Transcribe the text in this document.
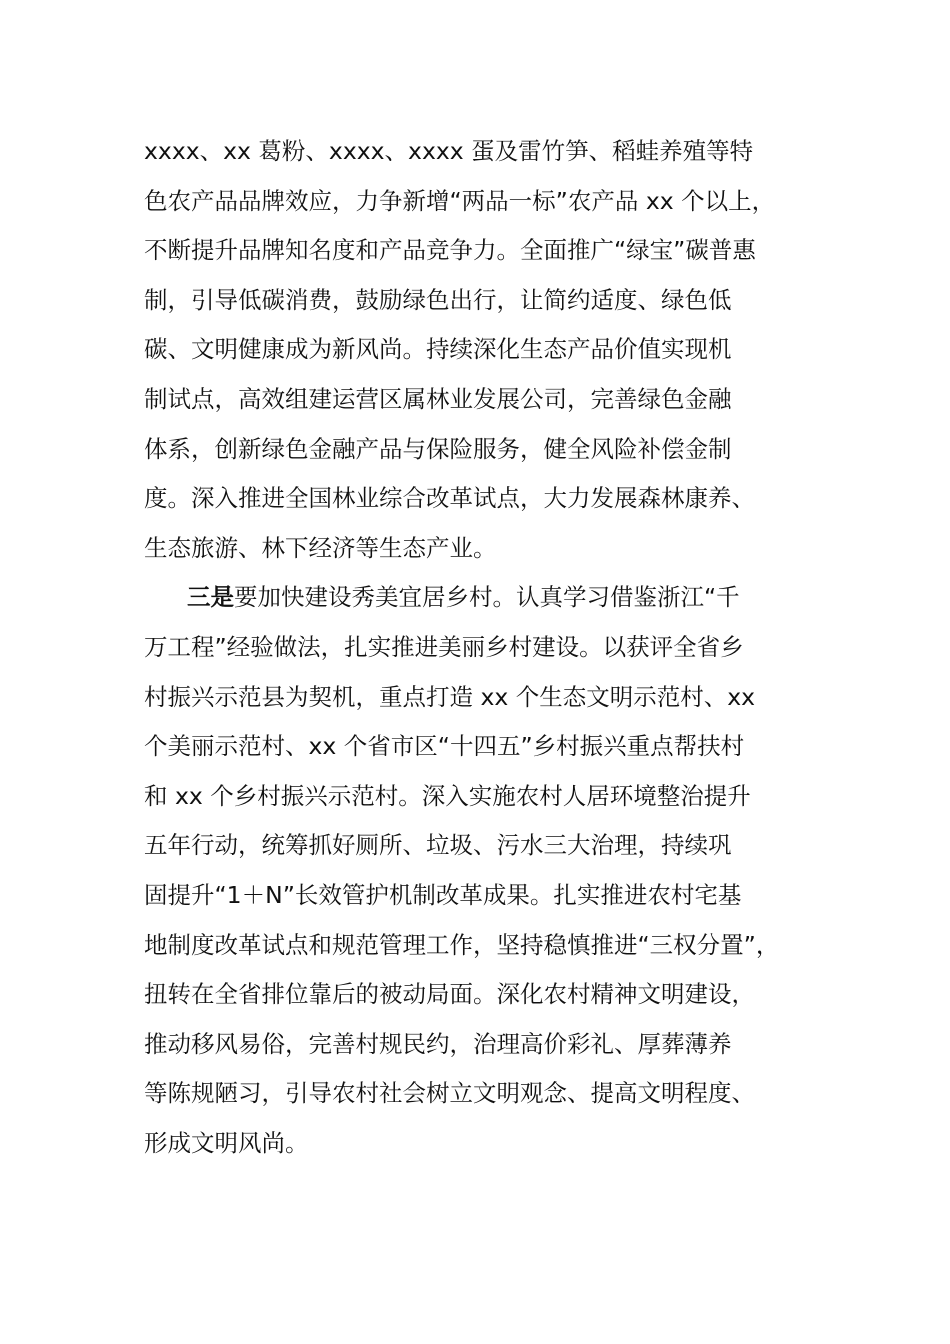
xxxx、xx 葛粉、xxxx、xxxx 蛋及雷竹笋、稻蛙养殖等特
色农产品品牌效应，力争新增“两品一标”农产品 xx 个以上，
不断提升品牌知名度和产品竞争力。全面推广“绿宝”碳普惠
制，引导低碳消费，鼓励绿色出行，让简约适度、绿色低
碳、文明健康成为新风尚。持续深化生态产品价值实现机
制试点，高效组建运营区属林业发展公司，完善绿色金融
体系，创新绿色金融产品与保险服务，健全风险补偿金制
度。深入推进全国林业综合改革试点，大力发展森林康养、
生态旅游、林下经济等生态产业。
三是要加快建设秀美宜居乡村。认真学习借鉴浙江“千
万工程”经验做法，扎实推进美丽乡村建设。以获评全省乡
村振兴示范县为契机，重点打造 xx 个生态文明示范村、xx
个美丽示范村、xx 个省市区“十四五”乡村振兴重点帮扶村
和 xx 个乡村振兴示范村。深入实施农村人居环境整治提升
五年行动，统筹抓好厕所、垃圾、污水三大治理，持续巩
固提升“1＋N”长效管护机制改革成果。扎实推进农村宅基
地制度改革试点和规范管理工作，坚持稳慎推进“三权分置”，
扭转在全省排位靠后的被动局面。深化农村精神文明建设，
推动移风易俗，完善村规民约，治理高价彩礼、厚葬薄养
等陈规陋习，引导农村社会树立文明观念、提高文明程度、
形成文明风尚。
